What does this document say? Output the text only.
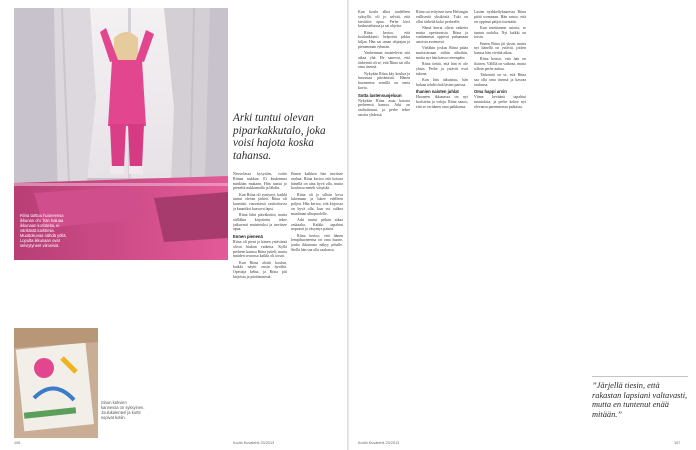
Riina tarttuu huoneensa ikkunan ohi: hän haluaa ikkunaan koristeita, ei värikästä kaihtimia. Muuttokuvaa nähdä yöllä. Lopulta ikkunaan ovat selviytyneet viimeisiä.
Sinun kahvien kannessa on syksyinen. Joulukalenteri ja kortit sopivat kotiin.
Arki tuntui olevan piparkakkutalo, joka voisi hajota koska tahansa.

Neuvolassa kysyttiin, voitte Riinaa nukkua. Ei kuulemma minkään mukaan. Hän tuntui jo pieneltä nukkumalla ja lähdin.

Kun Riina oli syntynyt, kaikki tuntui olevan järkeä. Riina oli kauniisti vauvaiässä rauhoittuvia ja kauniiksi kasvava lapsi.

Riina lähti päiväkotiin, mutta sielläkin kirjoitettu tekee jatkuvasti muistetuksi ja tarvitsee apua.

Ennen pienenä

Riina oli pieni ja hänen ystävänsä olivat hiukan vaikeita. Kyllä perheen kanssa Riina jutteli, mutta muiden seurassa kaikki oli toisin.

Kun Riina aloitti koulun, kaikki näytti ensin hyvältä. Opettaja kehui, ja Riina piti kirjoista ja piirtämisestä.

Ennen kaikkea hän tarvitsee rauhaa. Riina kertoo että kotona hänellä on aina hyvä olla, mutta koulussa meteli väsyttää.

Riina oli jo silloin kova lukemaan ja lukee edelleen paljon. Hän kertoo, että kirjoissa on hyvä olla, kun voi sulkea maailman ulkopuolelle.

Arki tuntui pitkän aikaa raskaalta. Kaikki tapahtui nopeasti ja väsymys painoi.

Riina kertoo, että hänen lempihuoneensa on oma huone, jonka ikkunasta näkyy pihalle. Siellä hän saa olla rauhassa.

106	Kodin Kuvalehti 23/2013

Kun koulu alkoi uudelleen syksyllä, oli jo selvää, että tarvittiin apua. Perhe kävi keskusteluissa ja sai ohjeita.

Riina kertoo, että koulunkäynti helpottui pikku hiljaa. Hän sai oman ohjaajan ja pienemmän ryhmän.

Vanhemmat muistelevat sitä aikaa yhä. He sanovat, että tärkeintä oli se, että Riina sai olla oma itsensä.

Nykyään Riina käy koulua ja harrastaa piirtämistä. Hänen huoneensa seinillä on omia kuvia.

Sotta lastensuojeluun

Nykyään Riina asuu kotona perheensä kanssa. Arki on rauhoittunut, ja perhe tekee asioita yhdessä.

Riina sai erityisen tuen Helsingin erillisestä yksiköstä. Tuki on ollut tärkeää koko perheelle.

Nämä kerrat olivat vaikeita mutta opettavaisia. Riina ja vanhemmat oppivat puhumaan asioista avoimesti.

Vieläkin joskus Riina palaa muistoissaan niihin aikoihin, mutta nyt hän katsoo eteenpäin.

Riina tietää, että hän ei ole yksin. Perhe ja ystävät ovat tukena.

Kun hän aikuistuu, hän haluaa tehdä töitä lasten parissa.

Ihanien naisten juhlat

Huoneen ikkunassa on nyt koristeita ja valoja. Riina sanoo, että se on hänen oma paikkansa.

Lasten nyrkkeilykaaressa Riina pitää sormeaan. Hän sanoo, että on oppinut paljon itsestään.

Kun miettimme asioita, se tuntuu oudolta. Nyt kaikki on toisin.

Ennen Riina jäi yksin, mutta nyt hänellä on ystäviä, joiden kanssa hän viettää aikaa.

Riina kertoo, että hän on iloinen. Välillä on vaikeaa, mutta silloin perhe auttaa.

Tärkeintä on se, että Riina saa olla oma itsensä ja kasvaa rauhassa.

Oma happi arvin

Viime keväänä tapahtui muutoksia, ja perhe kokee nyt olevansa paremmassa paikassa.

”Järjellä tiesin, että rakastan lapsiani valtavasti, mutta en tuntenut enää mitään.”
Kodin Kuvalehti 23/2013	107
